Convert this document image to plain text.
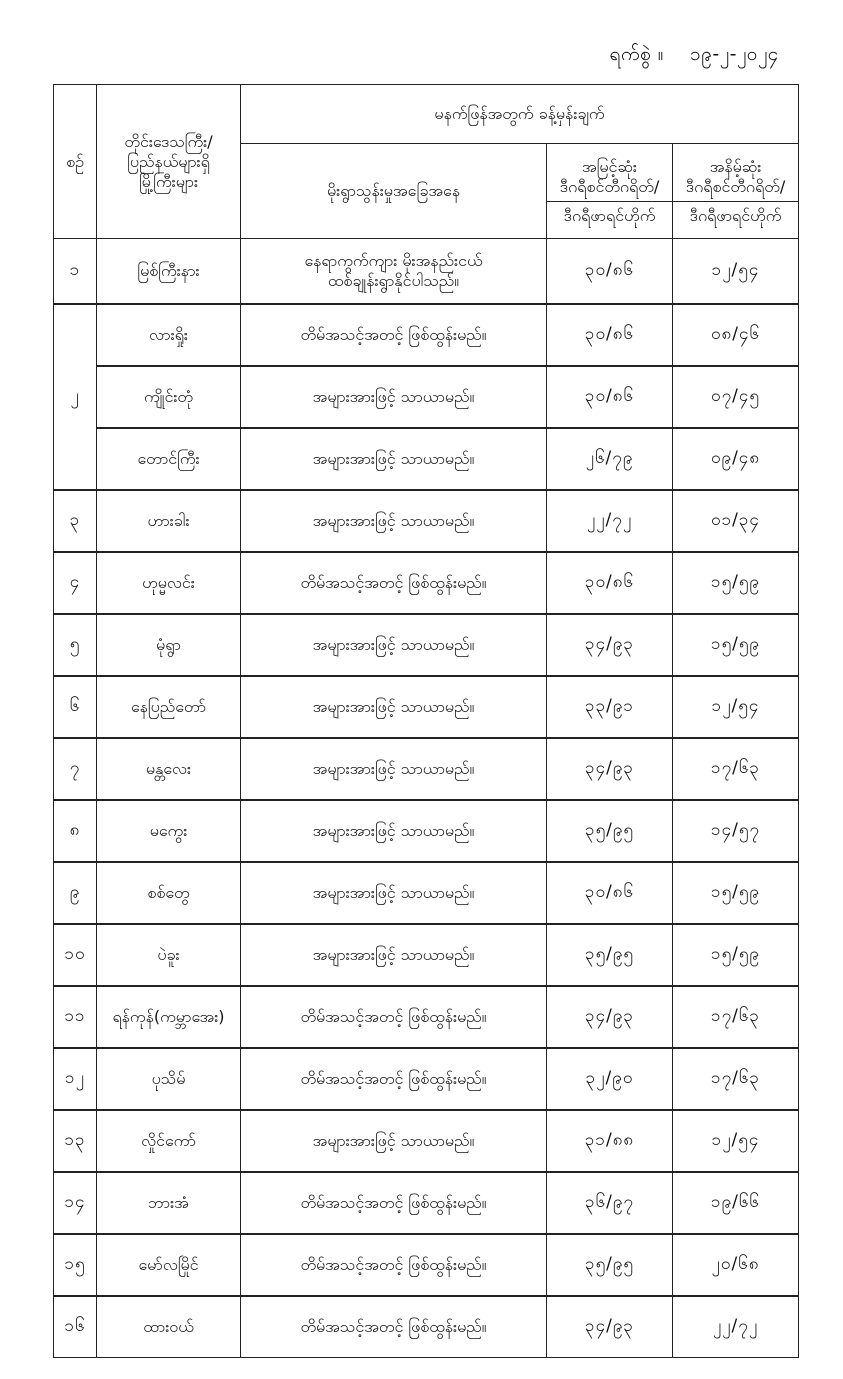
ရက်စွဲ ။ ၁၉-၂-၂၀၂၄
စဉ်	တိုင်းဒေသကြီး/
ပြည်နယ်များရှိ
မြို့ကြီးများ	မနက်ဖြန်အတွက် ခန့်မှန်းချက်		
		မိုးရွာသွန်းမှုအခြေအနေ	အမြင့်ဆုံး
ဒီဂရီစင်တီဂရိတ်/
ဒီဂရီဖာရင်ဟိုက်	အနိမ့်ဆုံး
ဒီဂရီစင်တီဂရိတ်/
ဒီဂရီဖာရင်ဟိုက်

၁	မြစ်ကြီးနား	နေရာကွက်ကျား မိုးအနည်းငယ်
ထစ်ချုန်းရွာနိုင်ပါသည်။	၃၀/၈၆	၁၂/၅၄
၂	လားရှိုး	တိမ်အသင့်အတင့် ဖြစ်ထွန်းမည်။	၃၀/၈၆	၀၈/၄၆
	ကျိုင်းတုံ	အများအားဖြင့် သာယာမည်။	၃၀/၈၆	၀၇/၄၅
	တောင်ကြီး	အများအားဖြင့် သာယာမည်။	၂၆/၇၉	၀၉/၄၈
၃	ဟားခါး	အများအားဖြင့် သာယာမည်။	၂၂/၇၂	၀၁/၃၄
၄	ဟုမ္မလင်း	တိမ်အသင့်အတင့် ဖြစ်ထွန်းမည်။	၃၀/၈၆	၁၅/၅၉
၅	မုံရွာ	အများအားဖြင့် သာယာမည်။	၃၄/၉၃	၁၅/၅၉
၆	နေပြည်တော်	အများအားဖြင့် သာယာမည်။	၃၃/၉၁	၁၂/၅၄
၇	မန္တလေး	အများအားဖြင့် သာယာမည်။	၃၄/၉၃	၁၇/၆၃
၈	မကွေး	အများအားဖြင့် သာယာမည်။	၃၅/၉၅	၁၄/၅၇
၉	စစ်တွေ	အများအားဖြင့် သာယာမည်။	၃၀/၈၆	၁၅/၅၉
၁၀	ပဲခူး	အများအားဖြင့် သာယာမည်။	၃၅/၉၅	၁၅/၅၉
၁၁	ရန်ကုန်(ကမ္ဘာအေး)	တိမ်အသင့်အတင့် ဖြစ်ထွန်းမည်။	၃၄/၉၃	၁၇/၆၃
၁၂	ပုသိမ်	တိမ်အသင့်အတင့် ဖြစ်ထွန်းမည်။	၃၂/၉၀	၁၇/၆၃
၁၃	လှိုင်ကော်	အများအားဖြင့် သာယာမည်။	၃၁/၈၈	၁၂/၅၄
၁၄	ဘားအံ	တိမ်အသင့်အတင့် ဖြစ်ထွန်းမည်။	၃၆/၉၇	၁၉/၆၆
၁၅	မော်လမြိုင်	တိမ်အသင့်အတင့် ဖြစ်ထွန်းမည်။	၃၅/၉၅	၂၀/၆၈
၁၆	ထားဝယ်	တိမ်အသင့်အတင့် ဖြစ်ထွန်းမည်။	၃၄/၉၃	၂၂/၇၂
